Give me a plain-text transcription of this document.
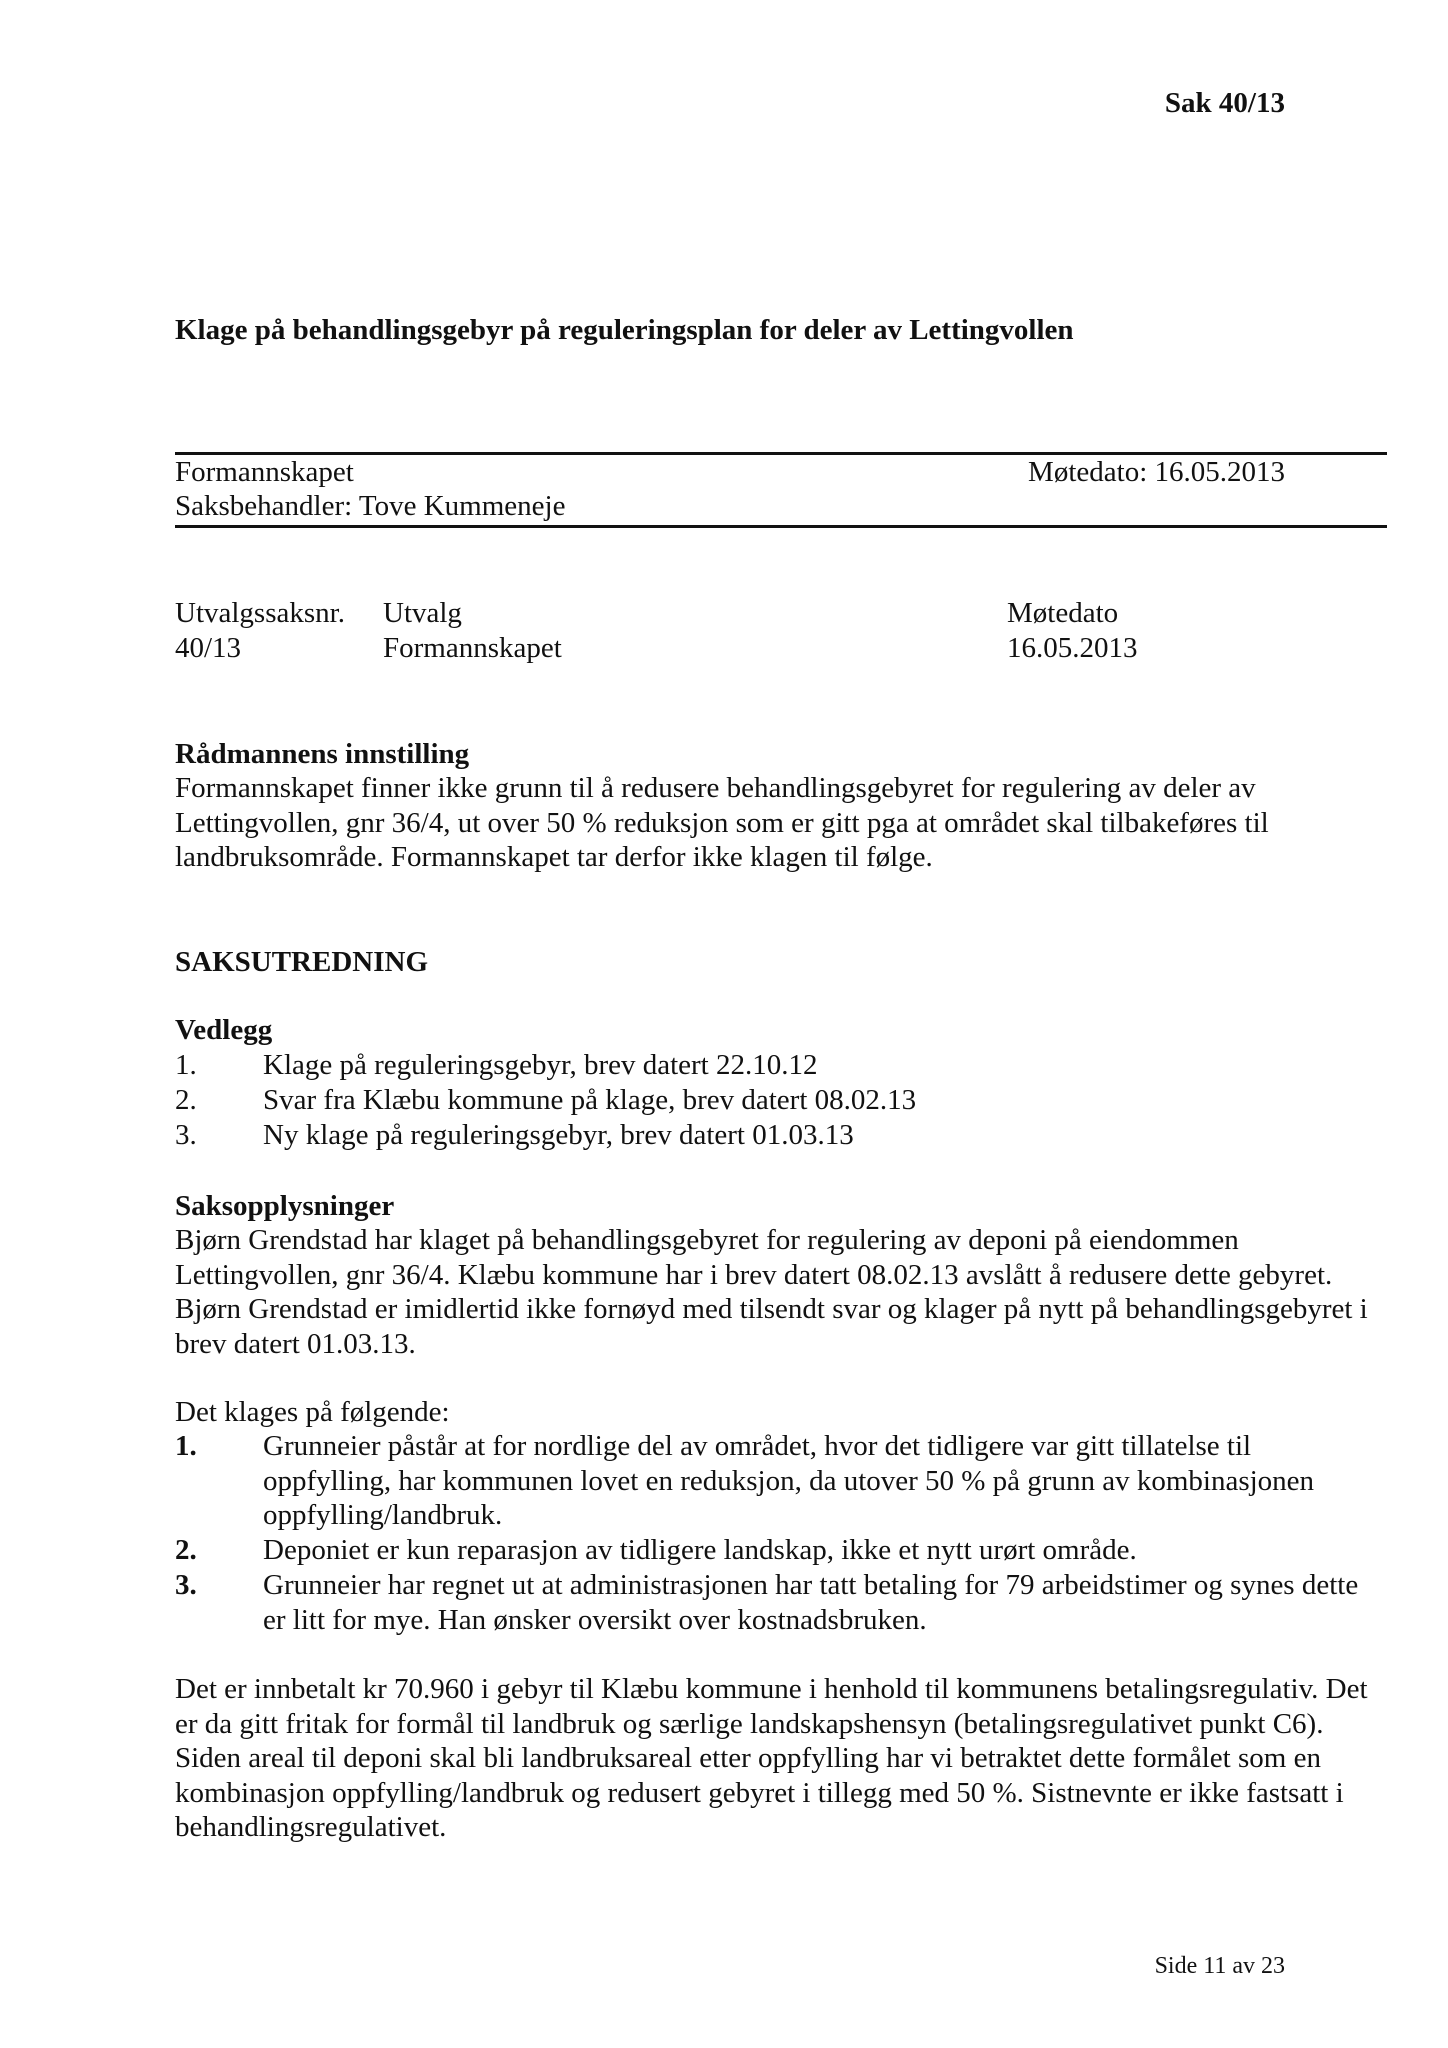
Sak 40/13
Klage på behandlingsgebyr på reguleringsplan for deler av Lettingvollen
Formannskapet	Møtedato: 16.05.2013
Saksbehandler: Tove Kummeneje
Utvalgssaksnr. Utvalg	Møtedato
40/13	Formannskapet	16.05.2013
Rådmannens innstilling
Formannskapet finner ikke grunn til å redusere behandlingsgebyret for regulering av deler av Lettingvollen, gnr 36/4, ut over 50 % reduksjon som er gitt pga at området skal tilbakeføres til landbruksområde. Formannskapet tar derfor ikke klagen til følge.
SAKSUTREDNING
Vedlegg
1. Klage på reguleringsgebyr, brev datert 22.10.12
2. Svar fra Klæbu kommune på klage, brev datert 08.02.13
3. Ny klage på reguleringsgebyr, brev datert 01.03.13
Saksopplysninger
Bjørn Grendstad har klaget på behandlingsgebyret for regulering av deponi på eiendommen Lettingvollen, gnr 36/4. Klæbu kommune har i brev datert 08.02.13 avslått å redusere dette gebyret. Bjørn Grendstad er imidlertid ikke fornøyd med tilsendt svar og klager på nytt på behandlingsgebyret i brev datert 01.03.13.
Det klages på følgende:
1. Grunneier påstår at for nordlige del av området, hvor det tidligere var gitt tillatelse til oppfylling, har kommunen lovet en reduksjon, da utover 50 % på grunn av kombinasjonen oppfylling/landbruk.
2. Deponiet er kun reparasjon av tidligere landskap, ikke et nytt urørt område.
3. Grunneier har regnet ut at administrasjonen har tatt betaling for 79 arbeidstimer og synes dette er litt for mye. Han ønsker oversikt over kostnadsbruken.
Det er innbetalt kr 70.960 i gebyr til Klæbu kommune i henhold til kommunens betalingsregulativ. Det er da gitt fritak for formål til landbruk og særlige landskapshensyn (betalingsregulativet punkt C6). Siden areal til deponi skal bli landbruksareal etter oppfylling har vi betraktet dette formålet som en kombinasjon oppfylling/landbruk og redusert gebyret i tillegg med 50 %. Sistnevnte er ikke fastsatt i behandlingsregulativet.
Side 11 av 23
